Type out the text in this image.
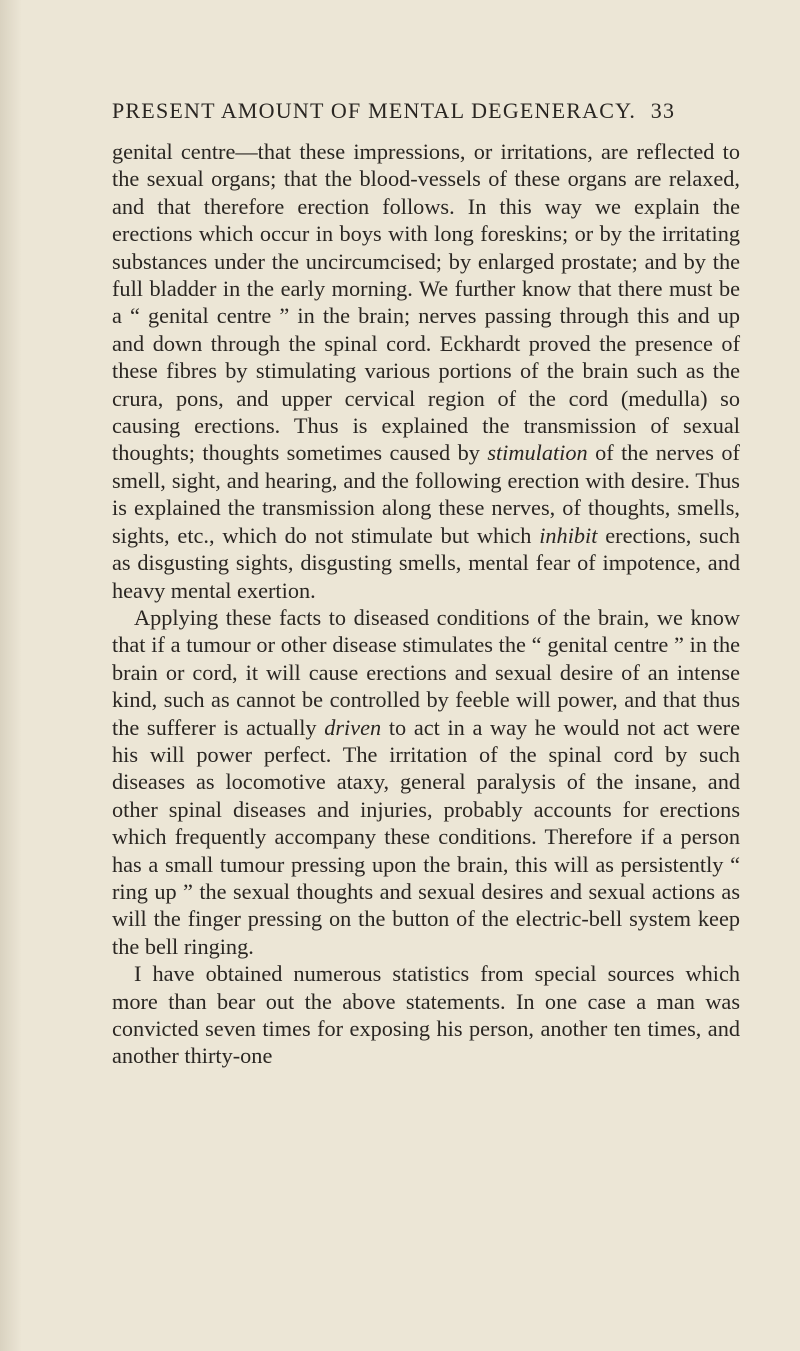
PRESENT AMOUNT OF MENTAL DEGENERACY. 33

genital centre—that these impressions, or irritations, are reflected to the sexual organs; that the blood-vessels of these organs are relaxed, and that therefore erection follows. In this way we explain the erections which occur in boys with long foreskins; or by the irritating substances under the uncircumcised; by enlarged prostate; and by the full bladder in the early morning. We further know that there must be a “ genital centre ” in the brain; nerves passing through this and up and down through the spinal cord. Eckhardt proved the presence of these fibres by stimulating various portions of the brain such as the crura, pons, and upper cervical region of the cord (medulla) so causing erections. Thus is explained the transmission of sexual thoughts; thoughts sometimes caused by stimulation of the nerves of smell, sight, and hearing, and the following erection with desire. Thus is explained the transmission along these nerves, of thoughts, smells, sights, etc., which do not stimulate but which inhibit erections, such as disgusting sights, disgusting smells, mental fear of impotence, and heavy mental exertion.

Applying these facts to diseased conditions of the brain, we know that if a tumour or other disease stimulates the “ genital centre ” in the brain or cord, it will cause erections and sexual desire of an intense kind, such as cannot be controlled by feeble will power, and that thus the sufferer is actually driven to act in a way he would not act were his will power perfect. The irritation of the spinal cord by such diseases as locomotive ataxy, general paralysis of the insane, and other spinal diseases and injuries, probably accounts for erections which frequently accompany these conditions. Therefore if a person has a small tumour pressing upon the brain, this will as persistently “ ring up ” the sexual thoughts and sexual desires and sexual actions as will the finger pressing on the button of the electric-bell system keep the bell ringing.

I have obtained numerous statistics from special sources which more than bear out the above statements. In one case a man was convicted seven times for exposing his person, another ten times, and another thirty-one
